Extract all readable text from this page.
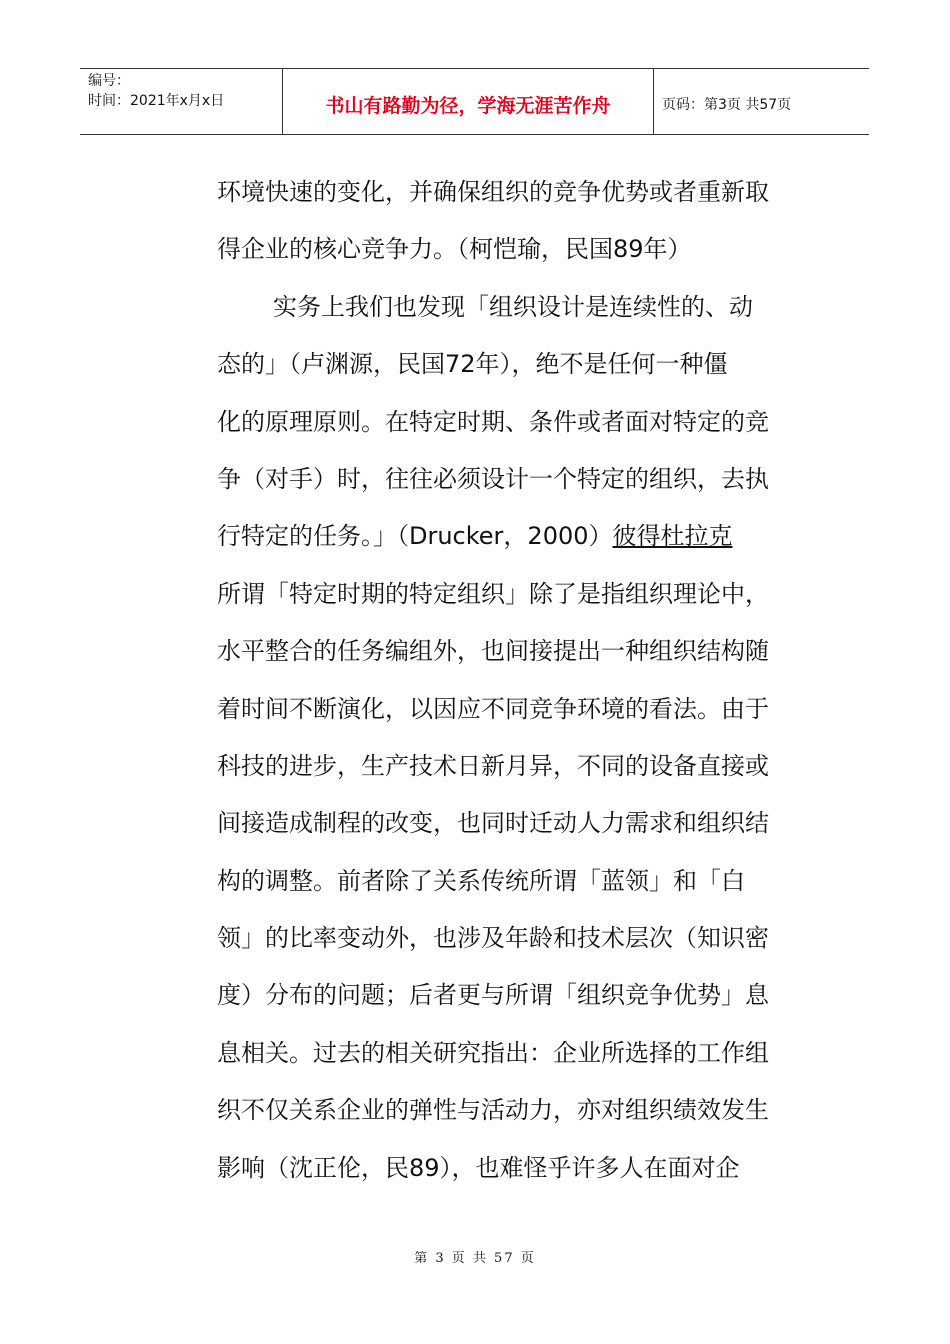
编号：
时间：2021年x月x日	书山有路勤为径，学海无涯苦作舟	页码：第3页 共57页
环境快速的变化，并确保组织的竞争优势或者重新取
得企业的核心竞争力。（柯恺瑜，民国89年）
实务上我们也发现「组织设计是连续性的、动
态的」（卢渊源，民国72年），绝不是任何一种僵
化的原理原则。在特定时期、条件或者面对特定的竞
争（对手）时，往往必须设计一个特定的组织，去执
行特定的任务。」（Drucker，2000）彼得杜拉克
所谓「特定时期的特定组织」除了是指组织理论中，
水平整合的任务编组外，也间接提出一种组织结构随
着时间不断演化，以因应不同竞争环境的看法。由于
科技的进步，生产技术日新月异，不同的设备直接或
间接造成制程的改变，也同时迁动人力需求和组织结
构的调整。前者除了关系传统所谓「蓝领」和「白
领」的比率变动外，也涉及年龄和技术层次（知识密
度）分布的问题；后者更与所谓「组织竞争优势」息
息相关。过去的相关研究指出：企业所选择的工作组
织不仅关系企业的弹性与活动力，亦对组织绩效发生
影响（沈正伦，民89），也难怪乎许多人在面对企
第 3 页 共 57 页
